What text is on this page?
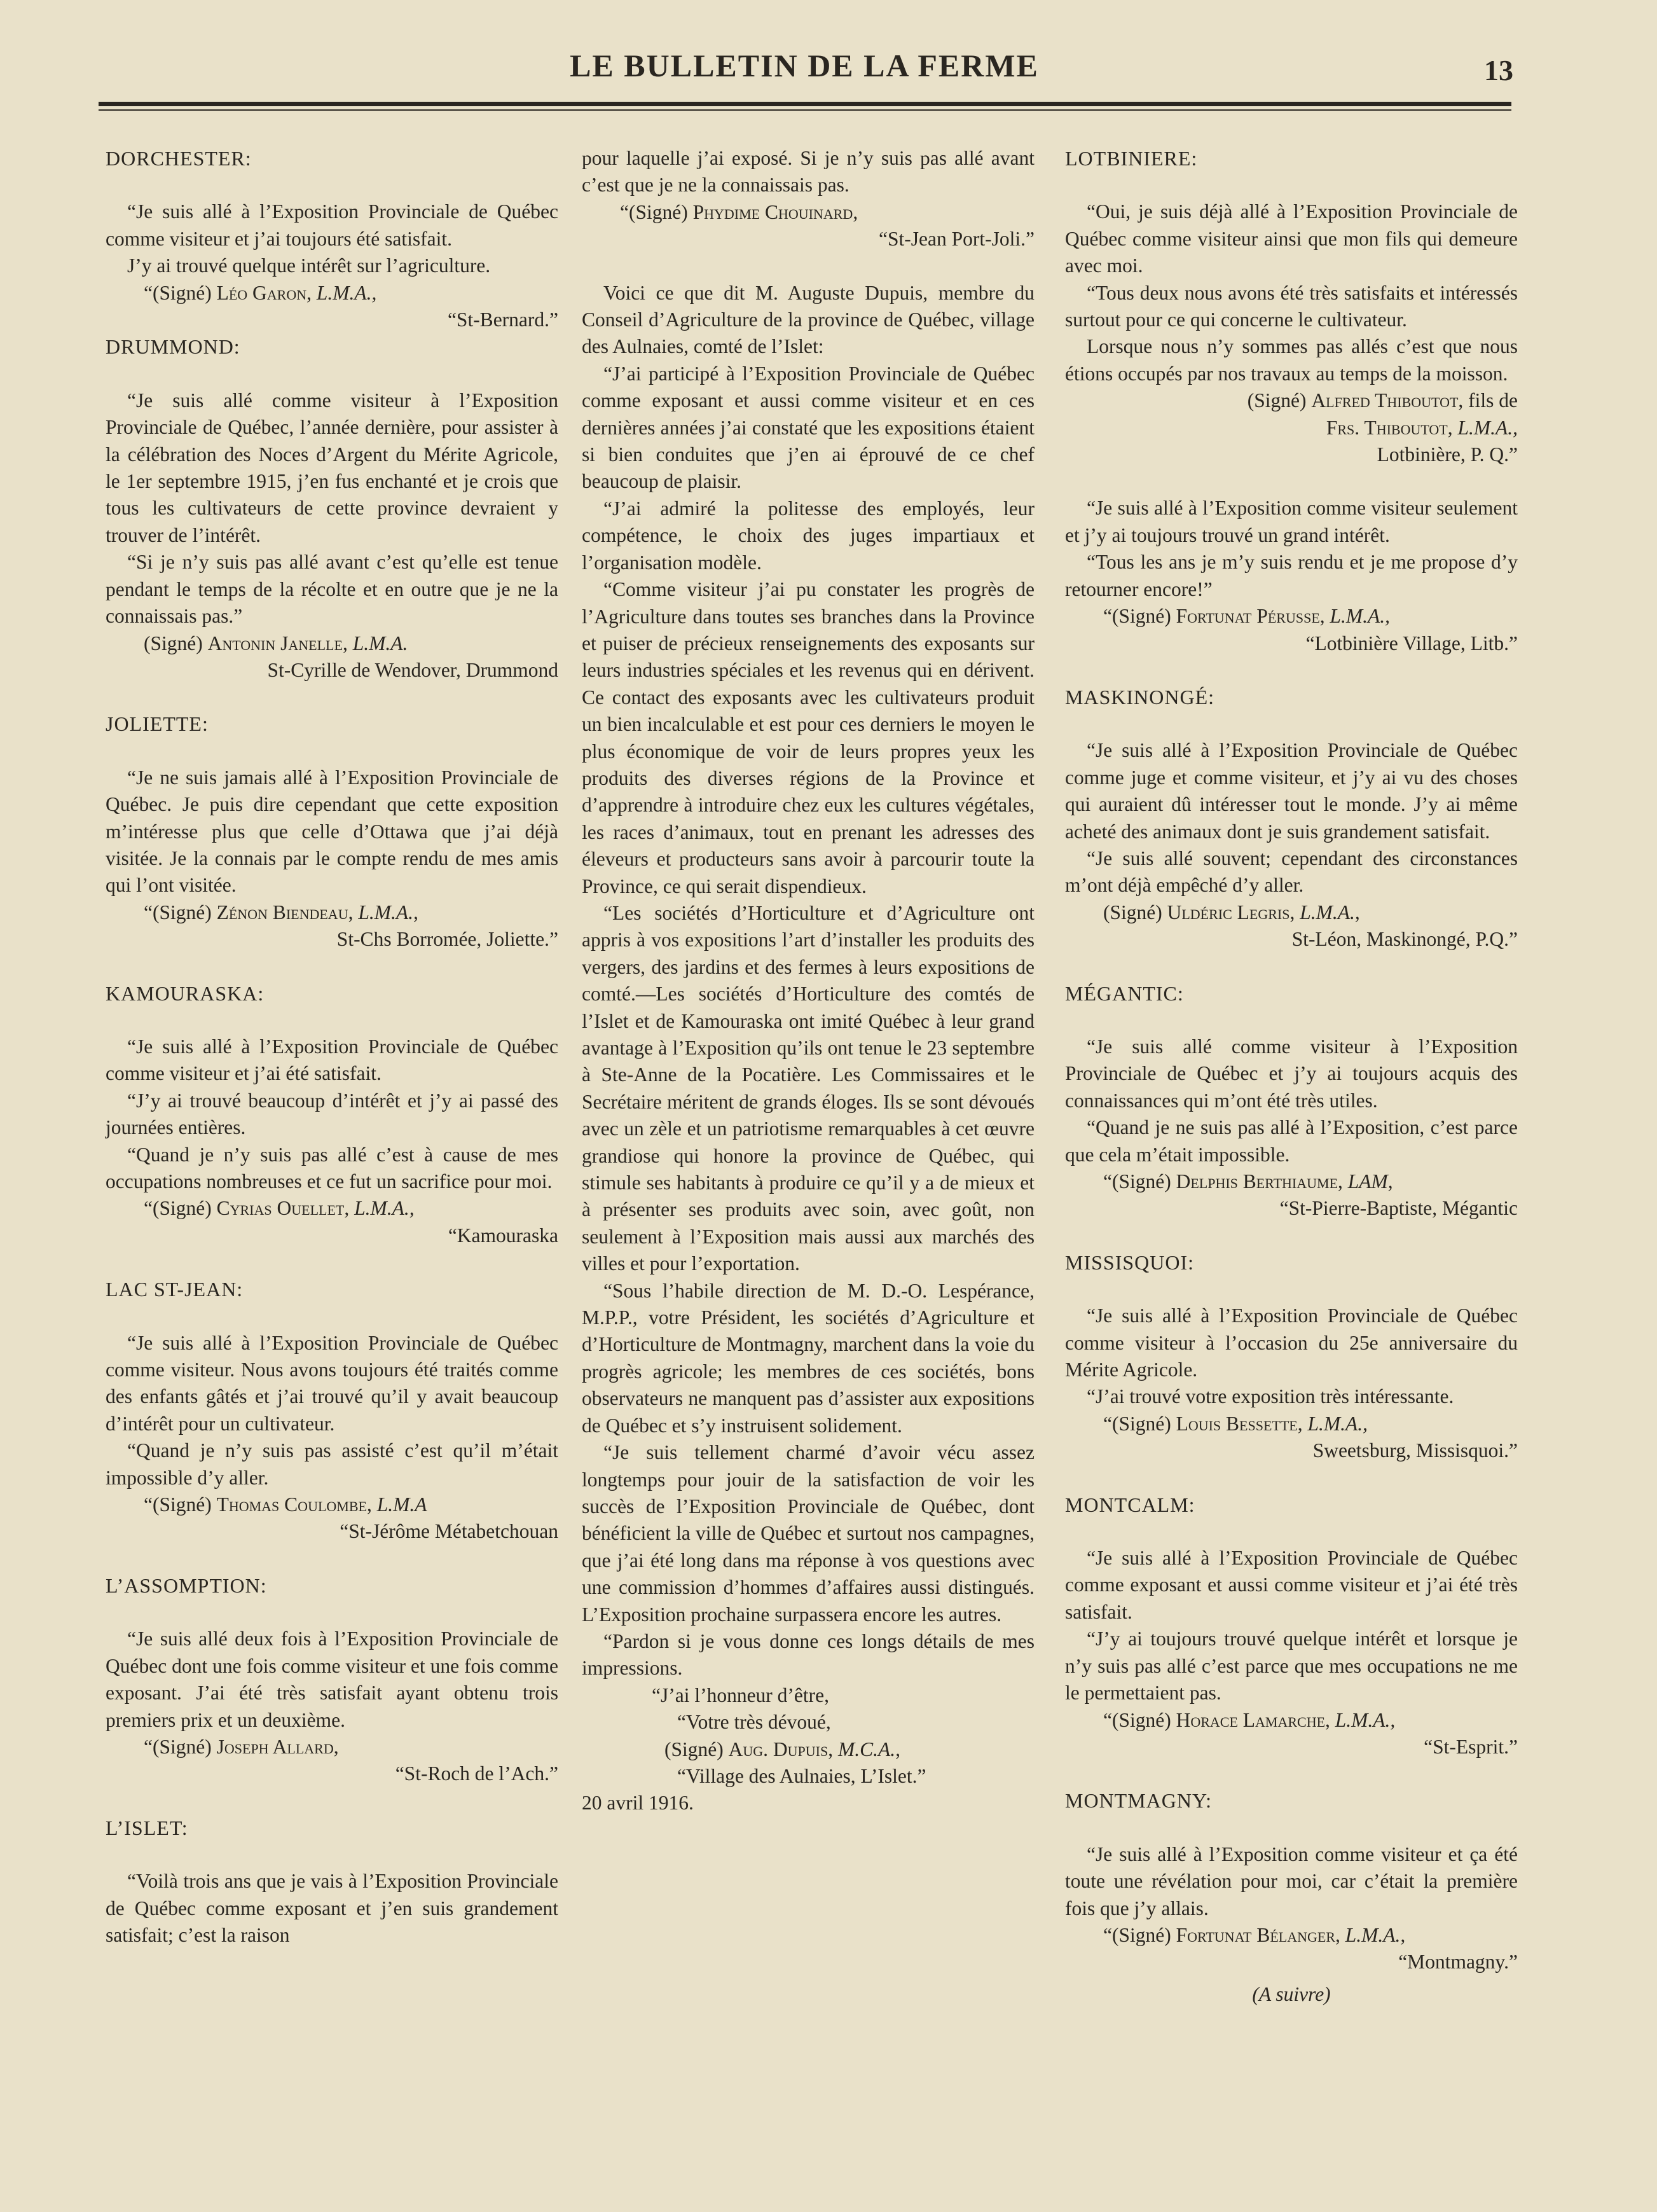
LE BULLETIN DE LA FERME	13

DORCHESTER:

“Je suis allé à l’Exposition Provinciale de Québec comme visiteur et j’ai toujours été satisfait.

J’y ai trouvé quelque intérêt sur l’agriculture.

“(Signé) Léo Garon, L.M.A.,

“St-Bernard.”

DRUMMOND:

“Je suis allé comme visiteur à l’Exposition Provinciale de Québec, l’année dernière, pour assister à la célébration des Noces d’Argent du Mérite Agricole, le 1er septembre 1915, j’en fus enchanté et je crois que tous les cultivateurs de cette province devraient y trouver de l’intérêt.

“Si je n’y suis pas allé avant c’est qu’elle est tenue pendant le temps de la récolte et en outre que je ne la connaissais pas.”

(Signé) Antonin Janelle, L.M.A.

St-Cyrille de Wendover, Drummond

JOLIETTE:

“Je ne suis jamais allé à l’Exposition Provinciale de Québec. Je puis dire cependant que cette exposition m’intéresse plus que celle d’Ottawa que j’ai déjà visitée. Je la connais par le compte rendu de mes amis qui l’ont visitée.

“(Signé) Zénon Biendeau, L.M.A.,

St-Chs Borromée, Joliette.”

KAMOURASKA:

“Je suis allé à l’Exposition Provinciale de Québec comme visiteur et j’ai été satisfait.

“J’y ai trouvé beaucoup d’intérêt et j’y ai passé des journées entières.

“Quand je n’y suis pas allé c’est à cause de mes occupations nombreuses et ce fut un sacrifice pour moi.

“(Signé) Cyrias Ouellet, L.M.A.,

“Kamouraska

LAC ST-JEAN:

“Je suis allé à l’Exposition Provinciale de Québec comme visiteur. Nous avons toujours été traités comme des enfants gâtés et j’ai trouvé qu’il y avait beaucoup d’intérêt pour un cultivateur.

“Quand je n’y suis pas assisté c’est qu’il m’était impossible d’y aller.

“(Signé) Thomas Coulombe, L.M.A

“St-Jérôme Métabetchouan

L’ASSOMPTION:

“Je suis allé deux fois à l’Exposition Provinciale de Québec dont une fois comme visiteur et une fois comme exposant. J’ai été très satisfait ayant obtenu trois premiers prix et un deuxième.

“(Signé) Joseph Allard,

“St-Roch de l’Ach.”

L’ISLET:

“Voilà trois ans que je vais à l’Exposition Provinciale de Québec comme exposant et j’en suis grandement satisfait; c’est la raison

pour laquelle j’ai exposé. Si je n’y suis pas allé avant c’est que je ne la connaissais pas.

“(Signé) Phydime Chouinard,

“St-Jean Port-Joli.”

Voici ce que dit M. Auguste Dupuis, membre du Conseil d’Agriculture de la province de Québec, village des Aulnaies, comté de l’Islet:

“J’ai participé à l’Exposition Provinciale de Québec comme exposant et aussi comme visiteur et en ces dernières années j’ai constaté que les expositions étaient si bien conduites que j’en ai éprouvé de ce chef beaucoup de plaisir.

“J’ai admiré la politesse des employés, leur compétence, le choix des juges impartiaux et l’organisation modèle.

“Comme visiteur j’ai pu constater les progrès de l’Agriculture dans toutes ses branches dans la Province et puiser de précieux renseignements des exposants sur leurs industries spéciales et les revenus qui en dérivent. Ce contact des exposants avec les cultivateurs produit un bien incalculable et est pour ces derniers le moyen le plus économique de voir de leurs propres yeux les produits des diverses régions de la Province et d’apprendre à introduire chez eux les cultures végétales, les races d’animaux, tout en prenant les adresses des éleveurs et producteurs sans avoir à parcourir toute la Province, ce qui serait dispendieux.

“Les sociétés d’Horticulture et d’Agriculture ont appris à vos expositions l’art d’installer les produits des vergers, des jardins et des fermes à leurs expositions de comté.—Les sociétés d’Horticulture des comtés de l’Islet et de Kamouraska ont imité Québec à leur grand avantage à l’Exposition qu’ils ont tenue le 23 septembre à Ste-Anne de la Pocatière. Les Commissaires et le Secrétaire méritent de grands éloges. Ils se sont dévoués avec un zèle et un patriotisme remarquables à cet œuvre grandiose qui honore la province de Québec, qui stimule ses habitants à produire ce qu’il y a de mieux et à présenter ses produits avec soin, avec goût, non seulement à l’Exposition mais aussi aux marchés des villes et pour l’exportation.

“Sous l’habile direction de M. D.-O. Lespérance, M.P.P., votre Président, les sociétés d’Agriculture et d’Horticulture de Montmagny, marchent dans la voie du progrès agricole; les membres de ces sociétés, bons observateurs ne manquent pas d’assister aux expositions de Québec et s’y instruisent solidement.

“Je suis tellement charmé d’avoir vécu assez longtemps pour jouir de la satisfaction de voir les succès de l’Exposition Provinciale de Québec, dont bénéficient la ville de Québec et surtout nos campagnes, que j’ai été long dans ma réponse à vos questions avec une commission d’hommes d’affaires aussi distingués. L’Exposition prochaine surpassera encore les autres.

“Pardon si je vous donne ces longs détails de mes impressions.

“J’ai l’honneur d’être,

“Votre très dévoué,

(Signé) Aug. Dupuis, M.C.A.,

“Village des Aulnaies, L’Islet.”

20 avril 1916.

LOTBINIERE:

“Oui, je suis déjà allé à l’Exposition Provinciale de Québec comme visiteur ainsi que mon fils qui demeure avec moi.

“Tous deux nous avons été très satisfaits et intéressés surtout pour ce qui concerne le cultivateur.

Lorsque nous n’y sommes pas allés c’est que nous étions occupés par nos travaux au temps de la moisson.

(Signé) Alfred Thiboutot, fils de

Frs. Thiboutot, L.M.A.,

Lotbinière, P. Q.”

“Je suis allé à l’Exposition comme visiteur seulement et j’y ai toujours trouvé un grand intérêt.

“Tous les ans je m’y suis rendu et je me propose d’y retourner encore!”

“(Signé) Fortunat Pérusse, L.M.A.,

“Lotbinière Village, Litb.”

MASKINONGÉ:

“Je suis allé à l’Exposition Provinciale de Québec comme juge et comme visiteur, et j’y ai vu des choses qui auraient dû intéresser tout le monde. J’y ai même acheté des animaux dont je suis grandement satisfait.

“Je suis allé souvent; cependant des circonstances m’ont déjà empêché d’y aller.

(Signé) Uldéric Legris, L.M.A.,

St-Léon, Maskinongé, P.Q.”

MÉGANTIC:

“Je suis allé comme visiteur à l’Exposition Provinciale de Québec et j’y ai toujours acquis des connaissances qui m’ont été très utiles.

“Quand je ne suis pas allé à l’Exposition, c’est parce que cela m’était impossible.

“(Signé) Delphis Berthiaume, LAM,

“St-Pierre-Baptiste, Mégantic

MISSISQUOI:

“Je suis allé à l’Exposition Provinciale de Québec comme visiteur à l’occasion du 25e anniversaire du Mérite Agricole.

“J’ai trouvé votre exposition très intéressante.

“(Signé) Louis Bessette, L.M.A.,

Sweetsburg, Missisquoi.”

MONTCALM:

“Je suis allé à l’Exposition Provinciale de Québec comme exposant et aussi comme visiteur et j’ai été très satisfait.

“J’y ai toujours trouvé quelque intérêt et lorsque je n’y suis pas allé c’est parce que mes occupations ne me le permettaient pas.

“(Signé) Horace Lamarche, L.M.A.,

“St-Esprit.”

MONTMAGNY:

“Je suis allé à l’Exposition comme visiteur et ça été toute une révélation pour moi, car c’était la première fois que j’y allais.

“(Signé) Fortunat Bélanger, L.M.A.,

“Montmagny.”

(A suivre)
